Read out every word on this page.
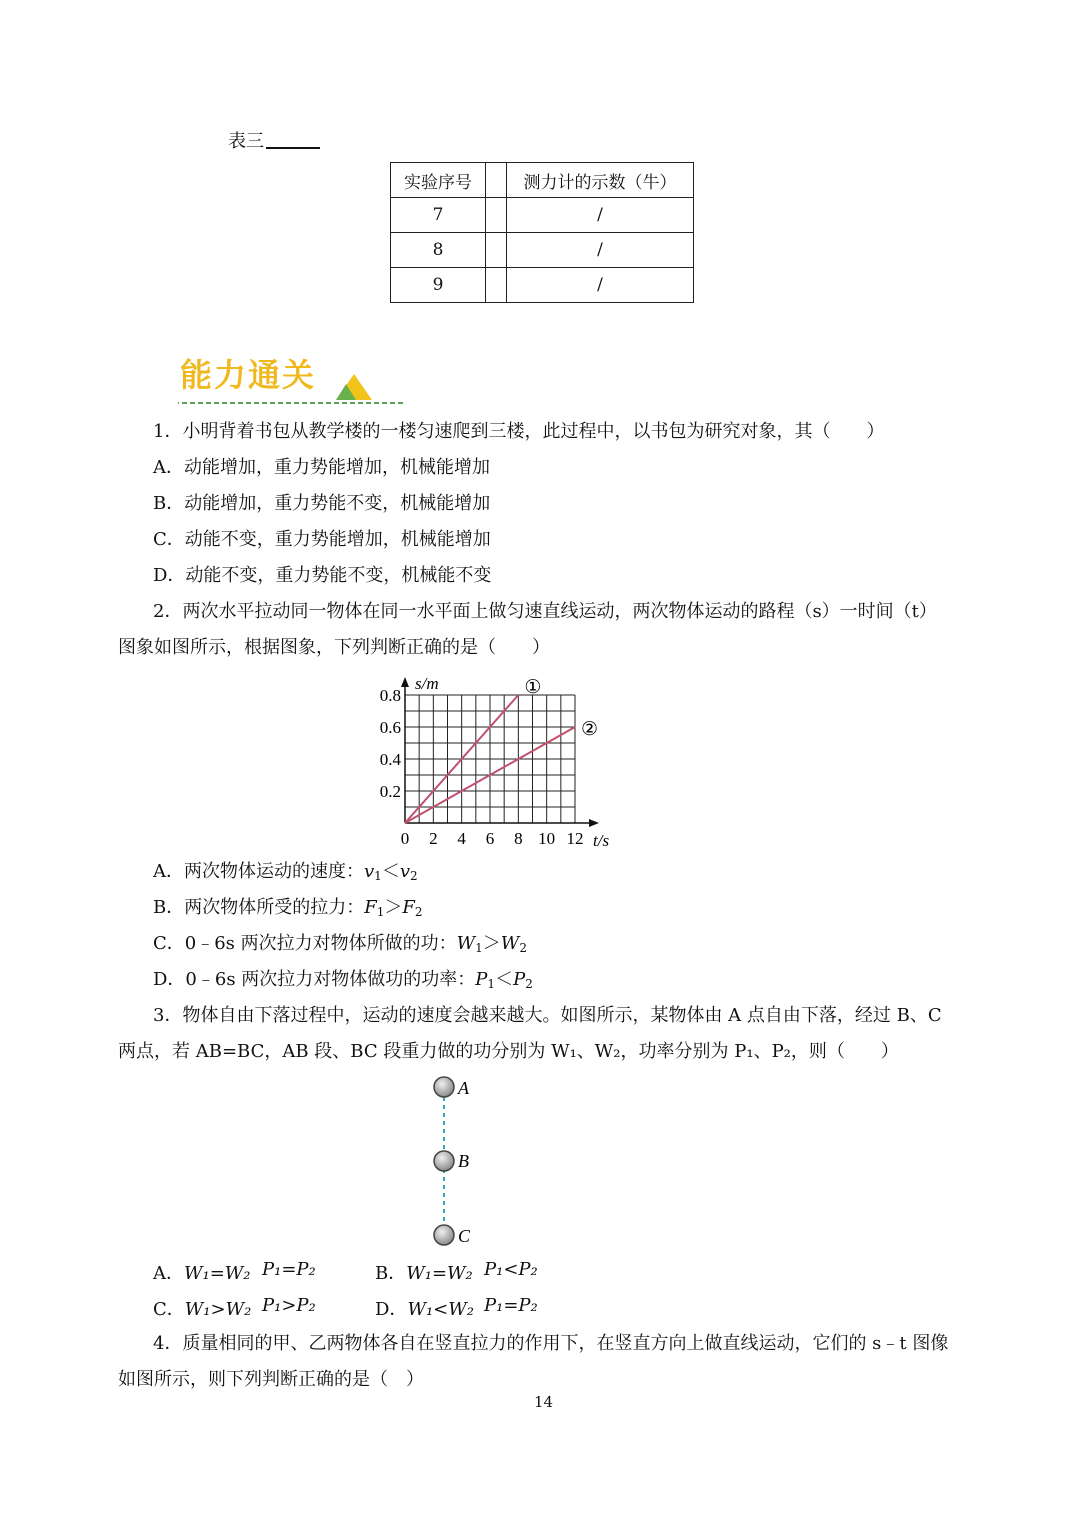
表三
实验序号		测力计的示数（牛）
7		/
8		/
9		/
能力通关
1．小明背着书包从教学楼的一楼匀速爬到三楼，此过程中，以书包为研究对象，其（　　）
A．动能增加，重力势能增加，机械能增加
B．动能增加，重力势能不变，机械能增加
C．动能不变，重力势能增加，机械能增加
D．动能不变，重力势能不变，机械能不变
2．两次水平拉动同一物体在同一水平面上做匀速直线运动，两次物体运动的路程（s）一时间（t）
图象如图所示，根据图象，下列判断正确的是（　　）
0 2 4 6 8 10 12
0.2
0.4
0.6
0.8
t/s
s/m	①
②
A．两次物体运动的速度：$v_1<v_2$
B．两次物体所受的拉力：$F_1>F_2$
C．0﹣6s 两次拉力对物体所做的功：$W_1>W_2$
D．0﹣6s 两次拉力对物体做功的功率：$P_1<P_2$
3．物体自由下落过程中，运动的速度会越来越大。如图所示，某物体由 A 点自由下落，经过 B、C
两点，若 AB=BC，AB 段、BC 段重力做的功分别为 W₁、W₂，功率分别为 P₁、P₂，则（　　）
A
B
C
A．W₁=W₂ P₁=P₂	B．W₁=W₂ P₁<P₂
C．W₁>W₂ P₁>P₂	D．W₁<W₂ P₁=P₂
4．质量相同的甲、乙两物体各自在竖直拉力的作用下，在竖直方向上做直线运动，它们的 s﹣t 图像
如图所示，则下列判断正确的是（　）
14
